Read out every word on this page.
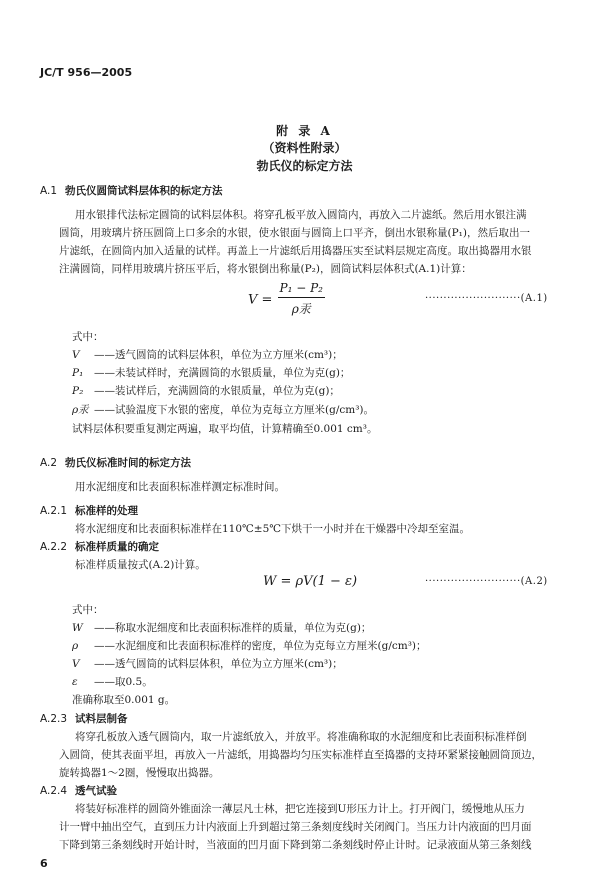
JC/T 956—2005
附 录 A
（资料性附录）
勃氏仪的标定方法
A.1 勃氏仪圆筒试料层体积的标定方法
用水银排代法标定圆筒的试料层体积。将穿孔板平放入圆筒内，再放入二片滤纸。然后用水银注满
圆筒，用玻璃片挤压圆筒上口多余的水银，使水银面与圆筒上口平齐，倒出水银称量(P₁)，然后取出一
片滤纸，在圆筒内加入适量的试样。再盖上一片滤纸后用捣器压实至试料层规定高度。取出捣器用水银
注满圆筒，同样用玻璃片挤压平后，将水银倒出称量(P₂)，圆筒试料层体积式(A.1)计算：
$V = \frac{\text{P₁ − P₂}}{\text{ρ汞}}$	··························(A.1)
式中：
V ——透气圆筒的试料层体积，单位为立方厘米(cm³)；
P₁ ——未装试样时，充满圆筒的水银质量，单位为克(g)；
P₂ ——装试样后，充满圆筒的水银质量，单位为克(g)；
ρ汞 ——试验温度下水银的密度，单位为克每立方厘米(g/cm³)。
试料层体积要重复测定两遍，取平均值，计算精确至0.001 cm³。
A.2 勃氏仪标准时间的标定方法
用水泥细度和比表面积标准样测定标准时间。
A.2.1 标准样的处理
将水泥细度和比表面积标准样在110℃±5℃下烘干一小时并在干燥器中冷却至室温。
A.2.2 标准样质量的确定
标准样质量按式(A.2)计算。
W = ρV(1 − ε)	··························(A.2)
式中：
W ——称取水泥细度和比表面积标准样的质量，单位为克(g)；
ρ ——水泥细度和比表面积标准样的密度，单位为克每立方厘米(g/cm³)；
V ——透气圆筒的试料层体积，单位为立方厘米(cm³)；
ε ——取0.5。
准确称取至0.001 g。
A.2.3 试料层制备
将穿孔板放入透气圆筒内，取一片滤纸放入，并放平。将准确称取的水泥细度和比表面积标准样倒
入圆筒，使其表面平坦，再放入一片滤纸，用捣器均匀压实标准样直至捣器的支持环紧紧接触圆筒顶边，
旋转捣器1～2圈，慢慢取出捣器。
A.2.4 透气试验
将装好标准样的圆筒外锥面涂一薄层凡士林，把它连接到U形压力计上。打开阀门，缓慢地从压力
计一臂中抽出空气，直到压力计内液面上升到超过第三条刻度线时关闭阀门。当压力计内液面的凹月面
下降到第三条刻线时开始计时，当液面的凹月面下降到第二条刻线时停止计时。记录液面从第三条刻线
6
